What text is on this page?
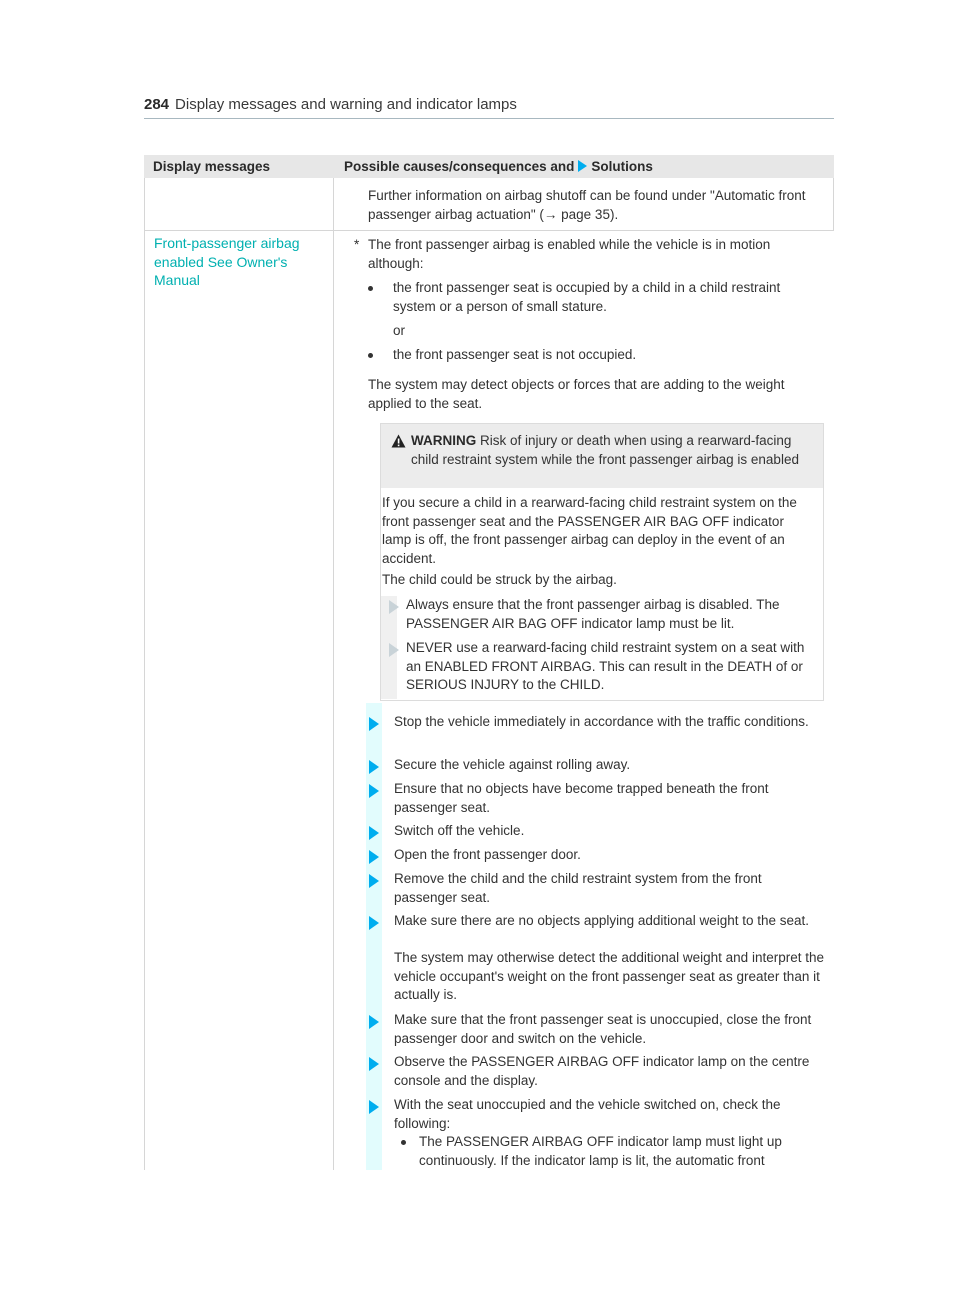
284 Display messages and warning and indicator lamps
Display messages	Possible causes/consequences and Solutions
Further information on airbag shutoff can be found under "Automatic front passenger airbag actuation" (→ page 35).
Front-passenger airbag enabled See Owner's Manual
* The front passenger airbag is enabled while the vehicle is in motion although:
the front passenger seat is occupied by a child in a child restraint system or a person of small stature.
or
the front passenger seat is not occupied.
The system may detect objects or forces that are adding to the weight applied to the seat.
WARNING Risk of injury or death when using a rearward-facing child restraint system while the front passenger airbag is enabled
If you secure a child in a rearward-facing child restraint system on the front passenger seat and the PASSENGER AIR BAG OFF indicator lamp is off, the front passenger airbag can deploy in the event of an accident.
The child could be struck by the airbag.
Always ensure that the front passenger airbag is disabled. The PASSENGER AIR BAG OFF indicator lamp must be lit.
NEVER use a rearward-facing child restraint system on a seat with an ENABLED FRONT AIRBAG. This can result in the DEATH of or SERIOUS INJURY to the CHILD.
Stop the vehicle immediately in accordance with the traffic conditions.
Secure the vehicle against rolling away.
Ensure that no objects have become trapped beneath the front passenger seat.
Switch off the vehicle.
Open the front passenger door.
Remove the child and the child restraint system from the front passenger seat.
Make sure there are no objects applying additional weight to the seat.
The system may otherwise detect the additional weight and interpret the vehicle occupant's weight on the front passenger seat as greater than it actually is.
Make sure that the front passenger seat is unoccupied, close the front passenger door and switch on the vehicle.
Observe the PASSENGER AIRBAG OFF indicator lamp on the centre console and the display.
With the seat unoccupied and the vehicle switched on, check the following:
The PASSENGER AIRBAG OFF indicator lamp must light up continuously. If the indicator lamp is lit, the automatic front
